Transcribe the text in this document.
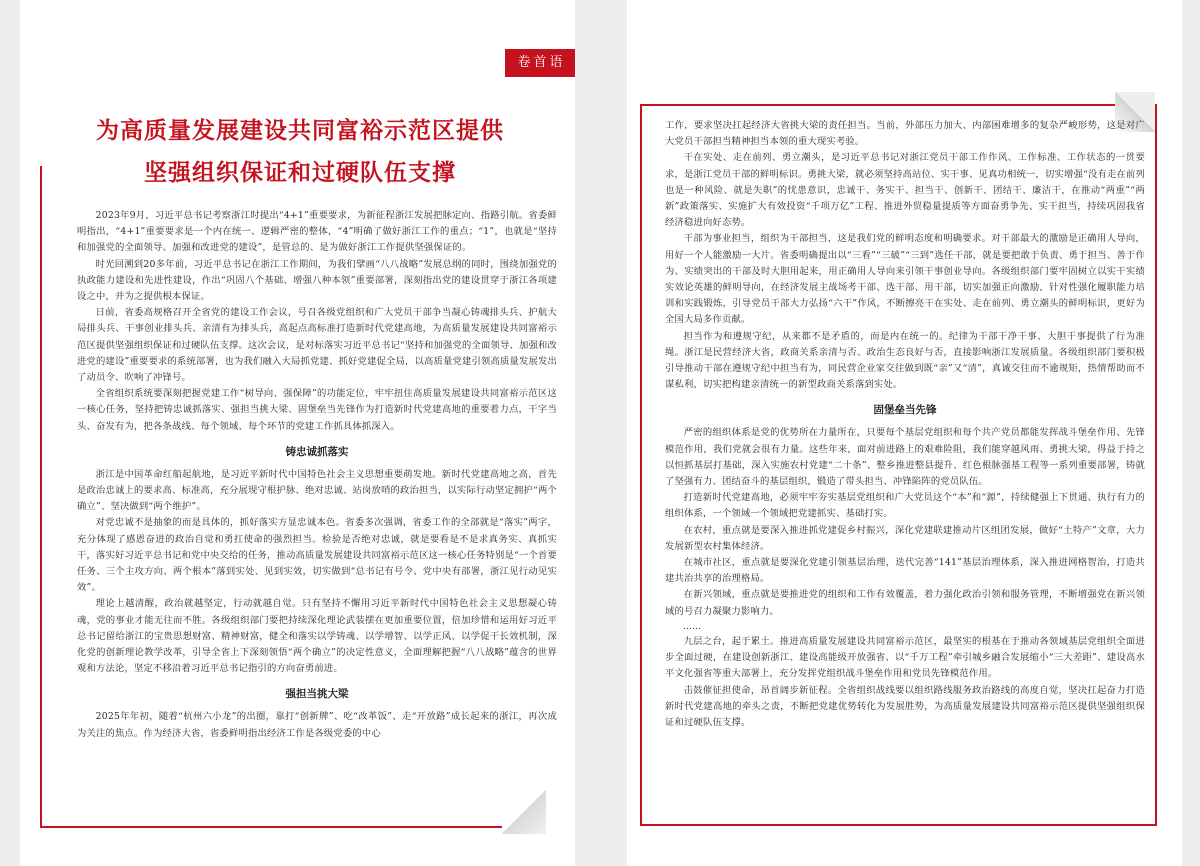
卷首语
为高质量发展建设共同富裕示范区提供
坚强组织保证和过硬队伍支撑

2023年9月，习近平总书记考察浙江时提出“4+1”重要要求，为新征程浙江发展把脉定向、指路引航。省委鲜明指出，“4+1”重要要求是一个内在统一、逻辑严密的整体，“4”明确了做好浙江工作的重点；“1”，也就是“坚持和加强党的全面领导、加强和改进党的建设”，是管总的、是为做好浙江工作提供坚强保证的。

时光回溯到20多年前，习近平总书记在浙江工作期间，为我们擘画“八八战略”发展总纲的同时，围绕加强党的执政能力建设和先进性建设，作出“巩固八个基础、增强八种本领”重要部署，深刻指出党的建设贯穿于浙江各项建设之中，并为之提供根本保证。

日前，省委高规格召开全省党的建设工作会议，号召各级党组织和广大党员干部争当凝心铸魂排头兵、护航大局排头兵、干事创业排头兵、亲清有为排头兵，高起点高标准打造新时代党建高地，为高质量发展建设共同富裕示范区提供坚强组织保证和过硬队伍支撑。这次会议，是对标落实习近平总书记“坚持和加强党的全面领导、加强和改进党的建设”重要要求的系统部署，也为我们融入大局抓党建、抓好党建促全局，以高质量党建引领高质量发展发出了动员令、吹响了冲锋号。

全省组织系统要深刻把握党建工作“树导向、强保障”的功能定位，牢牢扭住高质量发展建设共同富裕示范区这一核心任务，坚持把铸忠诚抓落实、强担当挑大梁、固堡垒当先锋作为打造新时代党建高地的重要着力点，干字当头、奋发有为，把各条战线、每个领域、每个环节的党建工作抓具体抓深入。

铸忠诚抓落实

浙江是中国革命红船起航地，是习近平新时代中国特色社会主义思想重要萌发地。新时代党建高地之高，首先是政治忠诚上的要求高、标准高，充分展现守根护脉、绝对忠诚、站岗放哨的政治担当，以实际行动坚定拥护“两个确立”、坚决做到“两个维护”。

对党忠诚不是抽象的而是具体的，抓好落实方显忠诚本色。省委多次强调，省委工作的全部就是“落实”两字，充分体现了感恩奋进的政治自觉和勇扛使命的强烈担当。检验是否绝对忠诚，就是要看是不是求真务实、真抓实干，落实好习近平总书记和党中央交给的任务，推动高质量发展建设共同富裕示范区这一核心任务特别是“一个首要任务、三个主攻方向、两个根本”落到实处、见到实效，切实做到“总书记有号令、党中央有部署，浙江见行动见实效”。

理论上越清醒，政治就越坚定，行动就越自觉。只有坚持不懈用习近平新时代中国特色社会主义思想凝心铸魂，党的事业才能无往而不胜。各级组织部门要把持续深化理论武装摆在更加重要位置，倍加珍惜和运用好习近平总书记留给浙江的宝贵思想财富、精神财富，健全和落实以学铸魂、以学增智、以学正风、以学促干长效机制，深化党的创新理论教学改革，引导全省上下深刻领悟“两个确立”的决定性意义，全面理解把握“八八战略”蕴含的世界观和方法论，坚定不移沿着习近平总书记指引的方向奋勇前进。

强担当挑大梁

2025年年初，随着“杭州六小龙”的出圈，靠打“创新牌”、吃“改革饭”、走“开放路”成长起来的浙江，再次成为关注的焦点。作为经济大省，省委鲜明指出经济工作是各级党委的中心

工作，要求坚决扛起经济大省挑大梁的责任担当。当前，外部压力加大、内部困难增多的复杂严峻形势，这是对广大党员干部担当精神担当本领的重大现实考验。

干在实处、走在前列、勇立潮头，是习近平总书记对浙江党员干部工作作风、工作标准、工作状态的一贯要求，是浙江党员干部的鲜明标识。勇挑大梁，就必须坚持高站位、实干事、见真功相统一，切实增强“没有走在前列也是一种风险、就是失职”的忧患意识，忠诚干、务实干、担当干、创新干、团结干、廉洁干，在推动“两重”“两新”政策落实、实施扩大有效投资“千项万亿”工程、推进外贸稳量提质等方面奋勇争先、实干担当，持续巩固我省经济稳进向好态势。

干部为事业担当，组织为干部担当，这是我们党的鲜明态度和明确要求。对干部最大的激励是正确用人导向，用好一个人能激励一大片。省委明确提出以“三看”“三破”“三到”选任干部，就是要把敢于负责、勇于担当、善于作为、实绩突出的干部及时大胆用起来，用正确用人导向来引领干事创业导向。各级组织部门要牢固树立以实干实绩实效论英雄的鲜明导向，在经济发展主战场考干部、选干部、用干部，切实加强正向激励，针对性强化履职能力培训和实践锻炼，引导党员干部大力弘扬“六干”作风，不断擦亮干在实处、走在前列、勇立潮头的鲜明标识，更好为全国大局多作贡献。

担当作为和遵规守纪，从来都不是矛盾的，而是内在统一的。纪律为干部干净干事、大胆干事提供了行为准绳。浙江是民营经济大省，政商关系亲清与否、政治生态良好与否，直接影响浙江发展质量。各级组织部门要积极引导推动干部在遵规守纪中担当有为，同民营企业家交往做到既“亲”又“清”，真诚交往而不逾规矩，热情帮助而不谋私利，切实把构建亲清统一的新型政商关系落到实处。

固堡垒当先锋

严密的组织体系是党的优势所在力量所在，只要每个基层党组织和每个共产党员都能发挥战斗堡垒作用、先锋模范作用，我们党就会很有力量。这些年来，面对前进路上的艰难险阻，我们能穿越风雨、勇挑大梁，得益于持之以恒抓基层打基础，深入实施农村党建“二十条”、整乡推进整县提升、红色根脉强基工程等一系列重要部署，铸就了坚强有力、团结奋斗的基层组织，锻造了带头担当、冲锋陷阵的党员队伍。

打造新时代党建高地，必须牢牢夯实基层党组织和广大党员这个“本”和“源”，持续健强上下贯通、执行有力的组织体系，一个领域一个领域把党建抓实、基础打实。

在农村，重点就是要深入推进抓党建促乡村振兴，深化党建联建推动片区组团发展，做好“土特产”文章，大力发展新型农村集体经济。

在城市社区，重点就是要深化党建引领基层治理，迭代完善“141”基层治理体系，深入推进网格智治，打造共建共治共享的治理格局。

在新兴领域，重点就是要推进党的组织和工作有效覆盖，着力强化政治引领和服务管理，不断增强党在新兴领域的号召力凝聚力影响力。

……

九层之台，起于累土。推进高质量发展建设共同富裕示范区，最坚实的根基在于推动各领域基层党组织全面进步全面过硬，在建设创新浙江、建设高能级开放强省、以“千万工程”牵引城乡融合发展缩小“三大差距”、建设高水平文化强省等重大部署上，充分发挥党组织战斗堡垒作用和党员先锋模范作用。

击鼓催征担使命，昂首阔步新征程。全省组织战线要以组织路线服务政治路线的高度自觉，坚决扛起奋力打造新时代党建高地的牵头之责，不断把党建优势转化为发展胜势，为高质量发展建设共同富裕示范区提供坚强组织保证和过硬队伍支撑。
